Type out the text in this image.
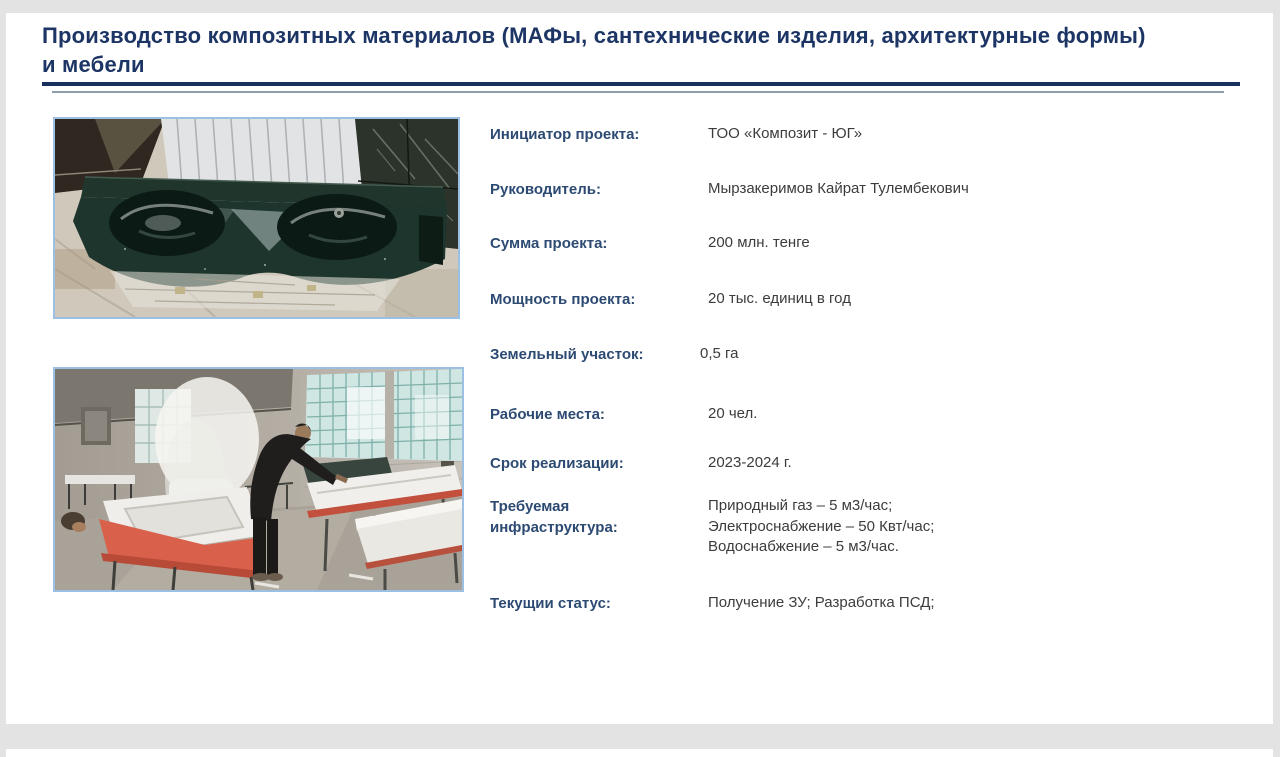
Производство композитных материалов (МАФы, сантехнические изделия, архитектурные формы)
и мебели
Инициатор проекта:	ТОО «Композит - ЮГ»
Руководитель:	Мырзакеримов Кайрат Тулембекович
Сумма проекта:	200 млн. тенге
Мощность проекта:	20 тыс. единиц в год
Земельный участок:	0,5 га
Рабочие места:	20 чел.
Срок реализации:	2023-2024 г.
Требуемая инфраструктура:
Природный газ – 5 м3/час;
Электроснабжение – 50 Квт/час;
Водоснабжение – 5 м3/час.
Текущии статус:	Получение ЗУ; Разработка ПСД;
